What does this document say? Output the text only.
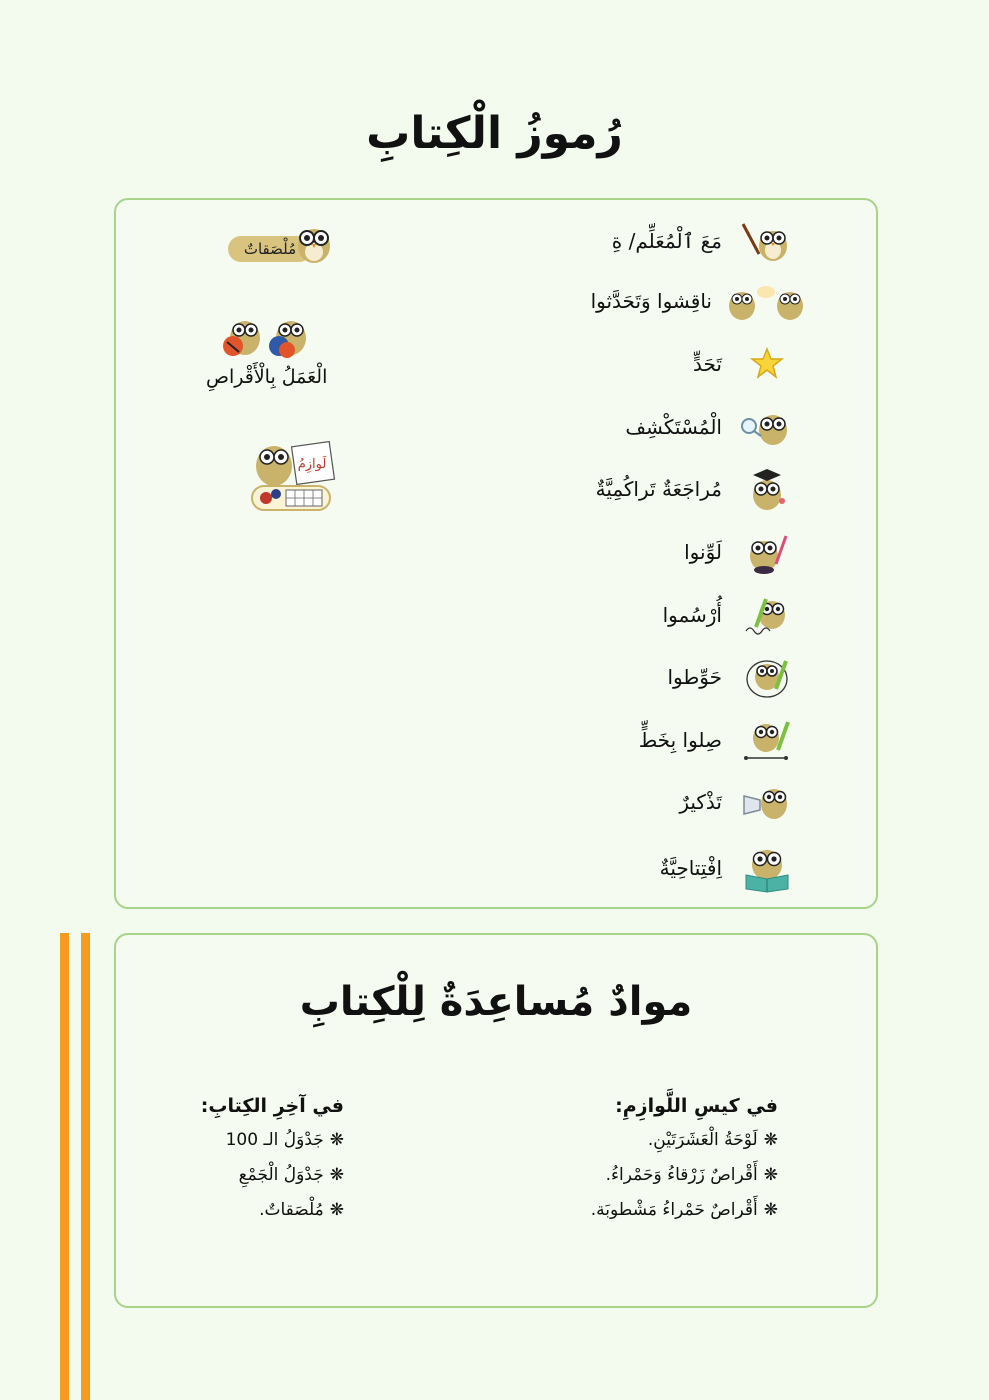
رُموزُ الْكِتابِ
مَعَ ٱلْمُعَلِّم/ ةِ
ناقِشوا وَتَحَدَّثوا
تَحَدٍّ
الْمُسْتَكْشِف
مُراجَعَةٌ تَراكُمِيَّةٌ
لَوِّنوا
أُرْسُموا
حَوِّطوا
صِلوا بِخَطٍّ
تَذْكيرٌ
اِفْتِتاحِيَّةٌ
مُلْصَقاتٌ
الْعَمَلُ بِالْأَقْراصِ
لَوازِمُ
موادٌ مُساعِدَةٌ لِلْكِتابِ
في كيسِ اللَّوازِمِ:
❋لَوْحَةُ الْعَشَرَتَيْنِ.
❋أَقْراصٌ زَرْقاءُ وَحَمْراءُ.
❋أَقْراصٌ حَمْراءُ مَشْطوبَة.
في آخِرِ الكِتابِ:
❋جَدْوَلُ الـ 100
❋جَدْوَلُ الْجَمْعِ
❋مُلْصَقاتٌ.
